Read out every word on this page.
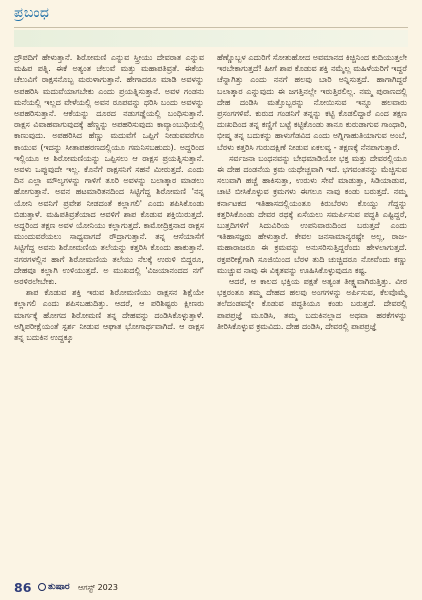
ಪ್ರಬಂಧ

ದ್ರೌಪದಿಗೆ ಹೇಳುತ್ತಾನೆ. ಶಿರೋಮಣಿ ಎನ್ನುವ ಸ್ತ್ರೀಯು ದೇವರಾತ ಎನ್ನುವ ಮಹಿಪ ಪತ್ನಿ. ಈಕೆ ಅತ್ಯಂತ ಚೆಲುವೆ ಮತ್ತು ಮಹಾಪತಿವ್ರತೆ. ಈಕೆಯ ಚೆಲುವಿಗೆ ರಾಕ್ಷಸನೊಬ್ಬ ಮರುಳಾಗುತ್ತಾನೆ. ಹೇಗಾದರೂ ಮಾಡಿ ಅವಳನ್ನು ಅಪಹರಿಸಿ ಮದುವೆಯಾಗಬೇಕು ಎಂದು ಪ್ರಯತ್ನಿಸುತ್ತಾನೆ. ಅವಳ ಗಂಡನು ಮನೆಯಲ್ಲಿ ಇಲ್ಲದ ವೇಳೆಯಲ್ಲಿ ಅವನ ರೂಪವನ್ನು ಧರಿಸಿ ಬಂದು ಅವಳನ್ನು ಅಪಹರಿಸುತ್ತಾನೆ. ಆಕೆಯನ್ನು ದೂರದ ನಡುಗಡ್ಡೆಯಲ್ಲಿ ಬಂಧಿಸುತ್ತಾನೆ. ರಾಕ್ಷಸ ವಿವಾಹವಾಗುವುದಕ್ಕೆ ಹೆಣ್ಣನ್ನು ಅಪಹರಿಸುವುದು ಕಾವ್ಯಾಂಬುಧಿಯಲ್ಲಿ ಕಾಣುವುದು. ಅಪಹರಿಸಿದ ಹೆಣ್ಣು ಮದುವೆಗೆ ಒಪ್ಪಿಗೆ ನೀಡುವವರೆಗೂ ಕಾಯುವ (ಇದನ್ನು ಸೀತಾಪಹರಣದಲ್ಲಿಯೂ ಗಮನಿಸಬಹುದು). ಅದ್ದರಿಂದ ಇಲ್ಲಿಯೂ ಆ ಶಿರೋಮಣಿಯನ್ನು ಒಪ್ಪಿಸಲು ಆ ರಾಕ್ಷಸ ಪ್ರಯತ್ನಿಸುತ್ತಾನೆ. ಅವಳು ಒಪ್ಪುವುದೇ ಇಲ್ಲ. ಕೊನೆಗೆ ರಾಕ್ಷಸನಿಗೆ ಸಹನೆ ಮೀರುತ್ತದೆ. ಎಂದು ದಿನ ಎಲ್ಲಾ ಮೌಲ್ಯಗಳನ್ನು ಗಾಳಿಗೆ ತೂರಿ ಅವಳನ್ನು ಬಲಾತ್ಕಾರ ಮಾಡಲು ಹೋಗುತ್ತಾನೆ. ಅವನ ಹಟಮಾರಿತನದಿಂದ ಸಿಟ್ಟಿಗೆದ್ದ ಶಿರೋಮಣಿ 'ನನ್ನ ಯೋನಿ ಅವನಿಗೆ ಪ್ರವೇಶ ನೀಡದಂತೆ ಕಲ್ಲಾಗಲಿ' ಎಂದು ಶಪಿಸಿಕೊಂಡು ಬಿಡುತ್ತಾಳೆ. ಮಹಿಪತಿವ್ರತೆಯಾದ ಆವಳಿಗೆ ಶಾಪ ಕೊಡುವ ಶಕ್ತಿಯಿರುತ್ತದೆ. ಅದ್ದರಿಂದ ತಕ್ಷಣ ಅವಳ ಯೋನಿಯು ಕಲ್ಲಾಗುತ್ತದೆ. ಕಾಮೋದ್ರಿಕ್ತನಾದ ರಾಕ್ಷಸ ಮುಂದುವರೆಯಲು ಸಾಧ್ಯವಾಗದೆ ರೌದ್ರಾಗುತ್ತಾನೆ. ತನ್ನ ಆಸೆಯಾಸೆಗೆ ಸಿಟ್ಟಿಗೆದ್ದ ಅವನು ಶಿರೋಮಣಿಯ ತಲೆಯನ್ನು ಕತ್ತರಿಸಿ ಕೊಂದು ಹಾಕುತ್ತಾನೆ. ನಗರಗಳಲ್ಲಿನ ಹಾಗೆ ಶಿರೋಮಣಿಯ ತಲೆಯು ನೆಲಕ್ಕೆ ಉರುಳಿ ಬಿದ್ದರೂ, ದೇಹವೂ ಕಲ್ಲಾಗಿ ಉಳಿಯುತ್ತದೆ. ಅ ಮುಖದಲ್ಲಿ 'ವಿಜಯಾನಂದದ ನಗೆ' ಅರಳಿರಲೇಬೇಕು.

ಶಾಪ ಕೊಡುವ ಶಕ್ತಿ ಇರುವ ಶಿರೋಮಣಿಯು ರಾಕ್ಷಸನ ಶಿಕ್ಷೆಯೇ ಕಲ್ಲಾಗಲಿ ಎಂದು ಶಪಿಸಬಹುದಿತ್ತು. ಆದರೆ, ಆ ಪರಿಶಿಷ್ಟರು ಕ್ಷೀಣರು ಮಾರ್ಗಕ್ಕೆ ಹೋಗದ ಶಿರೋಮಣಿ ತನ್ನ ದೇಹವನ್ನು ದಂಡಿಸಿಕೊಳ್ಳುತ್ತಾಳೆ. ಅಗ್ನಿಪರೀಕ್ಷೆಯಂತೆ ಸ್ಪರ್ಶ ನೀಡುವ ಆಘಾತ ಭೋಗಾರ್ಥವಾಗಿದೆ. ಆ ರಾಕ್ಷಸ ತನ್ನ ಬದುಕಿನ ಉದ್ದಕ್ಕೂ

ಹೆಣ್ಣೊಬ್ಬಳ ಎದುರಿಗೆ ಸೋತುಹೋದ ಅವಮಾನದ ಕಿಚ್ಚಿನಿಂದ ಕುದಿಯುತ್ತಲೇ ಇರಬೇಕಾಗುತ್ತದೆ! ಹೀಗೆ ಶಾಪ ಕೊಡುವ ಶಕ್ತಿ ನಮ್ಮೆಲ್ಲ ಮಹಿಳೆಯರಿಗೆ ಇದ್ದರೆ ಚೆನ್ನಾಗಿತ್ತು ಎಂದು ನನಗೆ ಹಲವು ಬಾರಿ ಅನ್ನಿಸುತ್ತದೆ. ಹಾಗಾಗಿದ್ದರೆ ಬಲಾತ್ಕಾರ ಎನ್ನುವುದು ಈ ಜಗತ್ತಿನಲ್ಲೇ ಇರುತ್ತಿರಲಿಲ್ಲ. ನಮ್ಮ ಪುರಾಣದಲ್ಲಿ ದೇಹ ದಂಡಿಸಿ ಮತ್ತೊಬ್ಬರನ್ನು ನೋಯಿಸುವ ಇನ್ನೂ ಹಲವಾರು ಪ್ರಸಂಗಗಳಿವೆ. ಕುರುದ ಗಂಡನಿಗೆ ತನ್ನನ್ನು ಕಟ್ಟಿ ಕೊಡಲಿದ್ದಾರೆ ಎಂದ ತಕ್ಷಣ ದುಃಖದಿಂದ ತನ್ನ ಕಣ್ಣಿಗೆ ಬಟ್ಟೆ ಕಟ್ಟಿಕೊಂಡು ತಾನೂ ಕುರುಡಾಗುವ ಗಾಂಧಾರಿ, ಭೀಷ್ಮ ತನ್ನ ಬದುಕನ್ನು ಹಾಳುಗೆಡವಿದ ಎಂದು ಅಗ್ನಿಗಾಹುತಿಯಾಗುವ ಅಂಬೆ, ಬೆರಳು ಕತ್ತರಿಸಿ ಗುರುದಕ್ಷಿಣೆ ನೀಡುವ ಏಕಲವ್ಯ - ತಕ್ಷಣಕ್ಕೆ ನೆನಪಾಗುತ್ತಾರೆ.

ಸರ್ವಜನಾ ಬಂಧನವನ್ನು ಬೇಧಮಾಡಿಯೋ ಭಕ್ತ ಮತ್ತು ದೇವರಲ್ಲಿಯೂ ಈ ದೇಹ ದಂಡನೆಯ ಕ್ರಮ ಯಥೇಚ್ಚವಾಗಿ ಇದೆ. ಭಗವಂತನನ್ನು ಮೆಚ್ಚಿಸುವ ಸಲುವಾಗಿ ಹಚ್ಚೆ ಹಾಕಿಸುತ್ತಾ, ಉರುಳು ಸೇವೆ ಮಾಡುತ್ತಾ, ಸಿಡಿಯಾಡುವ, ಚಾಟಿ ಬೀಸಿಕೊಳ್ಳುವ ಕ್ರಮಗಳು ಈಗಲೂ ನಾವು ಕಂಡು ಬರುತ್ತದೆ. ನಮ್ಮ ಕರ್ನಾಟಕದ ಇತಿಹಾಸದಲ್ಲಿಯಂತೂ ಕಿರುಬೆರಳು ಕೊಯ್ದು ಗೆದ್ದನ್ನು ಕತ್ತರಿಸಿಕೊಂಡು ದೇವರ ರಥಕ್ಕೆ ಏಸೆಯಲು ಸಮರ್ಪಿಸುವ ಪದ್ಧತಿ ಎಷ್ಟಿದ್ದರೆ, ಬುತ್ತದಿಗಳಿಗೆ ಸಿದುವಿರಿಯ ಉಪನಿವಾರುದಿಂದ ಬರುತ್ತದೆ ಎಂದು ಇತಿಹಾಸಜ್ಞರು ಹೇಳುತ್ತಾರೆ. ಕೇವಲ ಜನಸಾಮಾನ್ಯರಷ್ಟೇ ಅಲ್ಲ, ರಾಜ-ಮಹಾರಾಜರೂ ಈ ಕ್ರಮವನ್ನು ಅನುಸರಿಸುತ್ತಿದ್ದರೆಂದು ಹೇಳಲಾಗುತ್ತದೆ. ರಕ್ತಪರೀಕ್ಷೆಗಾಗಿ ಸೂಜಿಯಿಂದ ಬೆರಳ ತುದಿ ಚುಚ್ಚಿದರೂ ನೋವೆಂದು ಕಣ್ಣು ಮುಚ್ಚುವ ನಾವು ಈ ವಿಕೃತವನ್ನು ಊಹಿಸಿಕೊಳ್ಳುವುದೂ ಕಷ್ಟ.

ಆದರೆ, ಆ ಕಾಲದ ಭಕ್ತಿಯ ಪಕ್ಷತೆ ಅತ್ಯಂತ ತೀಕ್ಷ್ಣವಾಗಿರುತ್ತಿತ್ತು. ವೀರ ಭಕ್ತರಂತೂ ತಮ್ಮ ದೇಹದ ಹಲವು ಅಂಗಗಳನ್ನು ಅರ್ಪಿಸುವ, ಕೆಲವೊಮ್ಮೆ ತಲೆದಂಡವನ್ನೇ ಕೊಡುವ ಪದ್ಧತಿಯೂ ಕಂಡು ಬರುತ್ತದೆ. ದೇವರಲ್ಲಿ ಪಾಪಪ್ರಜ್ಞೆ ಮೂಡಿಸಿ, ತಮ್ಮ ಬದುಕಿನಲ್ಲಾದ ಅಥವಾ ಹರಕೆಗಳನ್ನು ತೀರಿಸಿಕೊಳ್ಳುವ ಕ್ರಮವಿದು. ದೇಹ ದಂಡಿಸಿ, ದೇವರಲ್ಲಿ ಪಾಪಪ್ರಜ್ಞೆ

86	ತುಷಾರ ಆಗಸ್ಟ್ 2023
